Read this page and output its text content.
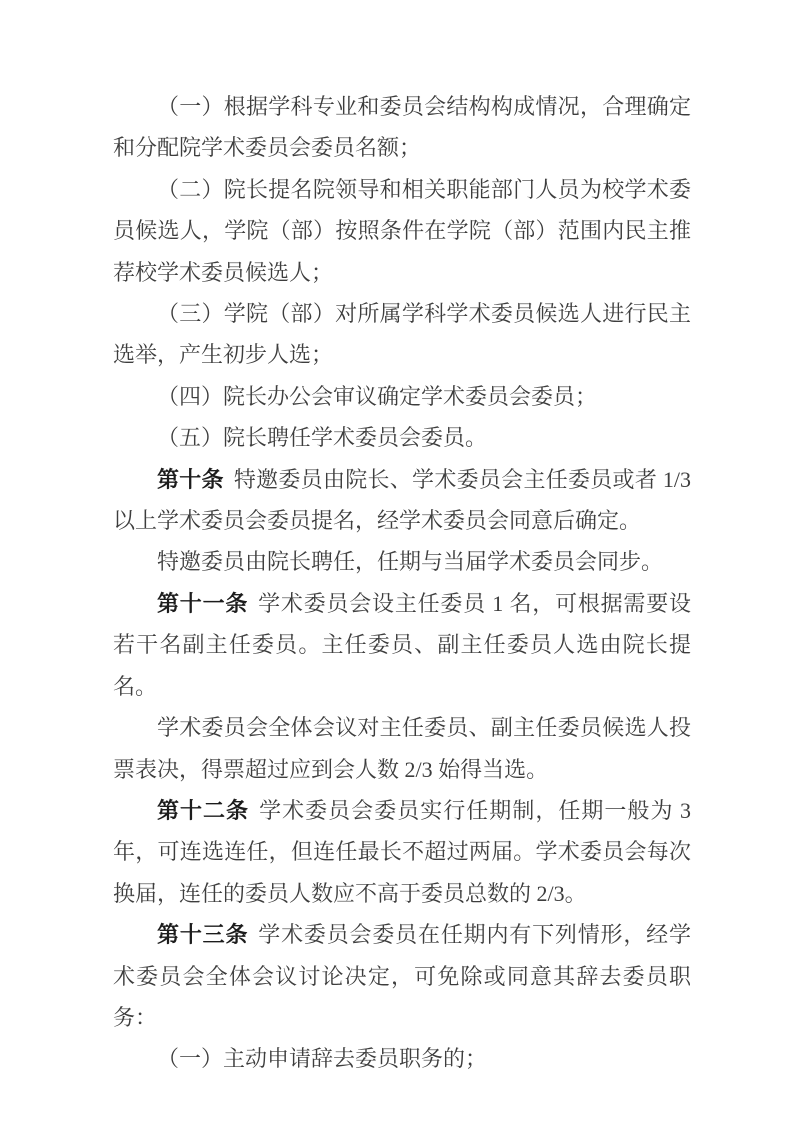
（一）根据学科专业和委员会结构构成情况，合理确定和分配院学术委员会委员名额；

（二）院长提名院领导和相关职能部门人员为校学术委员候选人，学院（部）按照条件在学院（部）范围内民主推荐校学术委员候选人；

（三）学院（部）对所属学科学术委员候选人进行民主选举，产生初步人选；

（四）院长办公会审议确定学术委员会委员；

（五）院长聘任学术委员会委员。

第十条 特邀委员由院长、学术委员会主任委员或者 1/3 以上学术委员会委员提名，经学术委员会同意后确定。

特邀委员由院长聘任，任期与当届学术委员会同步。

第十一条 学术委员会设主任委员 1 名，可根据需要设若干名副主任委员。主任委员、副主任委员人选由院长提名。

学术委员会全体会议对主任委员、副主任委员候选人投票表决，得票超过应到会人数 2/3 始得当选。

第十二条 学术委员会委员实行任期制，任期一般为 3 年，可连选连任，但连任最长不超过两届。学术委员会每次换届，连任的委员人数应不高于委员总数的 2/3。

第十三条 学术委员会委员在任期内有下列情形，经学术委员会全体会议讨论决定，可免除或同意其辞去委员职务：

（一）主动申请辞去委员职务的；
